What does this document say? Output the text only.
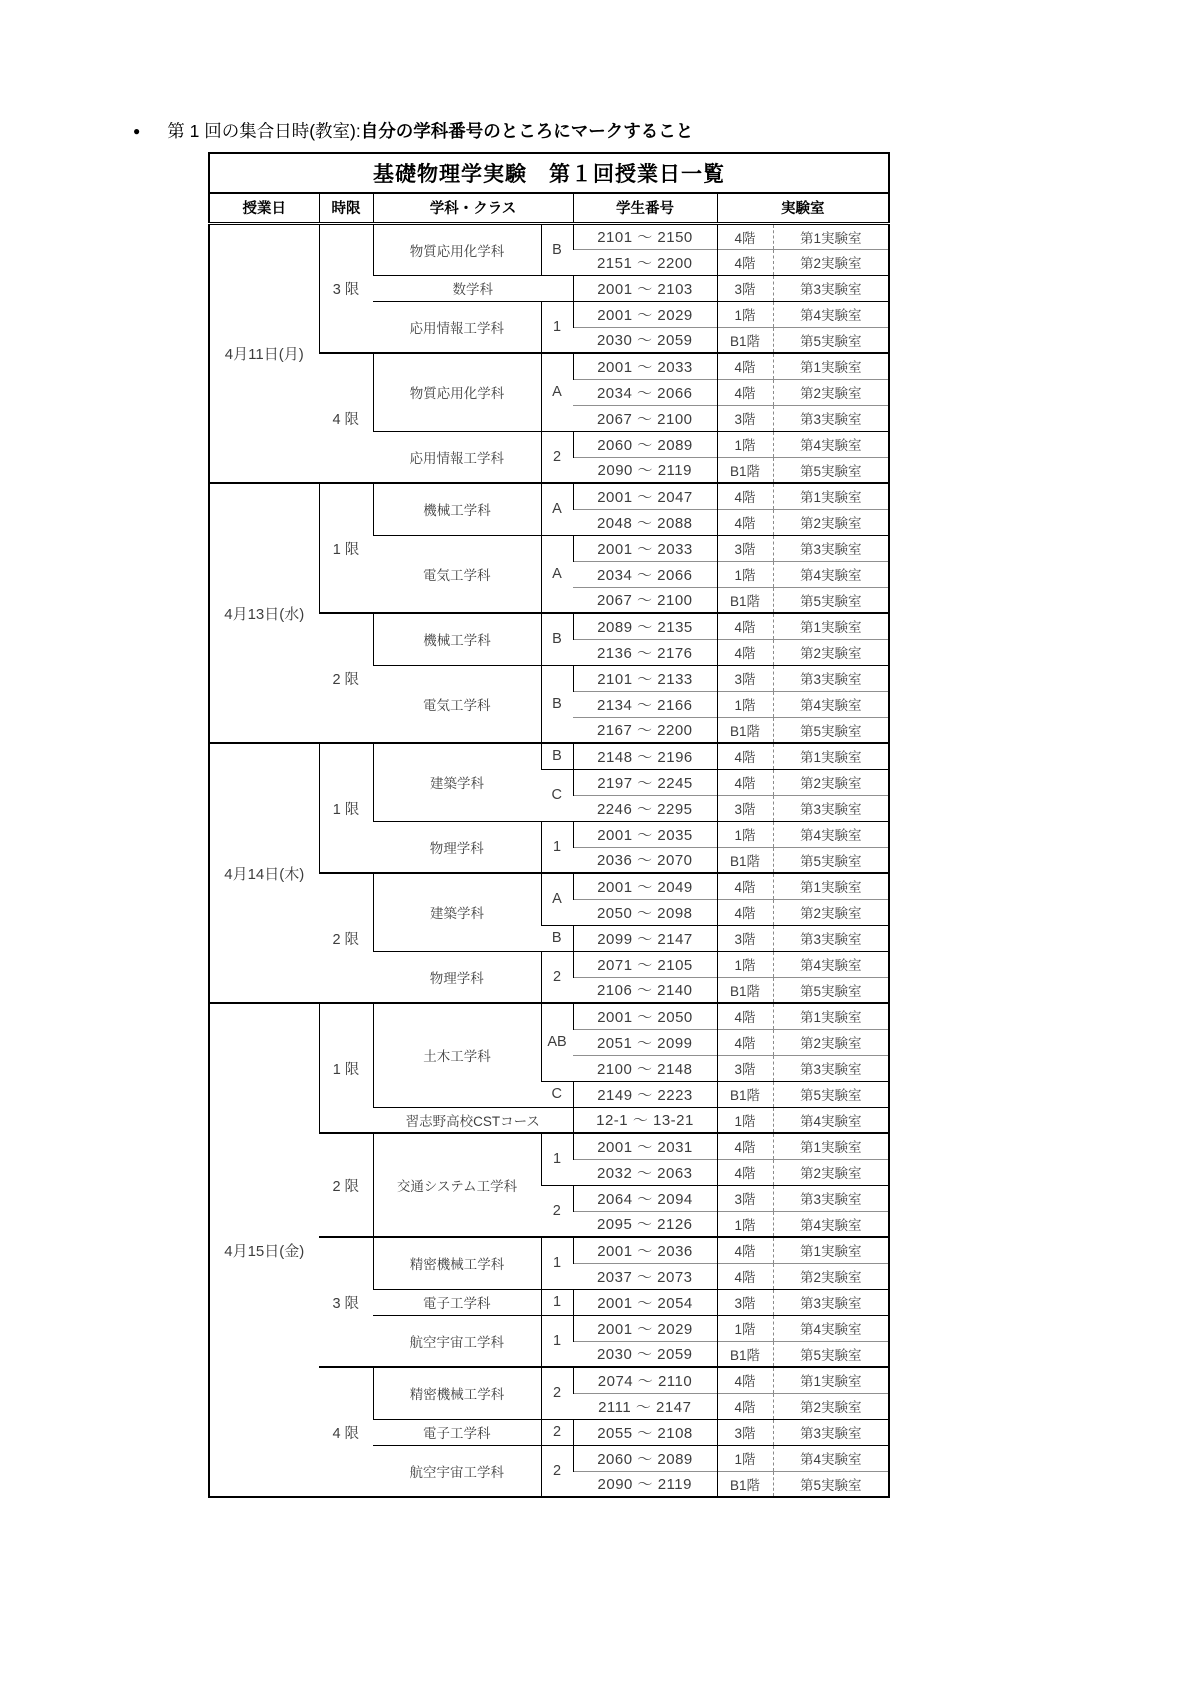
● 第 1 回の集合日時(教室): 自分の学科番号のところにマークすること
基礎物理学実験　第１回授業日一覧						
授業日	時限	学科・クラス		学生番号	実験室	
4月11日(月)	3 限	物質応用化学科	B	2101 〜 2150	4階	第1実験室
				2151 〜 2200	4階	第2実験室
		数学科		2001 〜 2103	3階	第3実験室
		応用情報工学科	1	2001 〜 2029	1階	第4実験室
				2030 〜 2059	B1階	第5実験室
	4 限	物質応用化学科	A	2001 〜 2033	4階	第1実験室
				2034 〜 2066	4階	第2実験室
				2067 〜 2100	3階	第3実験室
		応用情報工学科	2	2060 〜 2089	1階	第4実験室
				2090 〜 2119	B1階	第5実験室
4月13日(水)	1 限	機械工学科	A	2001 〜 2047	4階	第1実験室
				2048 〜 2088	4階	第2実験室
		電気工学科	A	2001 〜 2033	3階	第3実験室
				2034 〜 2066	1階	第4実験室
				2067 〜 2100	B1階	第5実験室
	2 限	機械工学科	B	2089 〜 2135	4階	第1実験室
				2136 〜 2176	4階	第2実験室
		電気工学科	B	2101 〜 2133	3階	第3実験室
				2134 〜 2166	1階	第4実験室
				2167 〜 2200	B1階	第5実験室
4月14日(木)	1 限	建築学科	B	2148 〜 2196	4階	第1実験室
			C	2197 〜 2245	4階	第2実験室
				2246 〜 2295	3階	第3実験室
		物理学科	1	2001 〜 2035	1階	第4実験室
				2036 〜 2070	B1階	第5実験室
	2 限	建築学科	A	2001 〜 2049	4階	第1実験室
				2050 〜 2098	4階	第2実験室
			B	2099 〜 2147	3階	第3実験室
		物理学科	2	2071 〜 2105	1階	第4実験室
				2106 〜 2140	B1階	第5実験室
4月15日(金)	1 限	土木工学科	AB	2001 〜 2050	4階	第1実験室
				2051 〜 2099	4階	第2実験室
				2100 〜 2148	3階	第3実験室
			C	2149 〜 2223	B1階	第5実験室
		習志野高校CSTコース		12-1 〜 13-21	1階	第4実験室
	2 限	交通システム工学科	1	2001 〜 2031	4階	第1実験室
				2032 〜 2063	4階	第2実験室
			2	2064 〜 2094	3階	第3実験室
				2095 〜 2126	1階	第4実験室
	3 限	精密機械工学科	1	2001 〜 2036	4階	第1実験室
				2037 〜 2073	4階	第2実験室
		電子工学科	1	2001 〜 2054	3階	第3実験室
		航空宇宙工学科	1	2001 〜 2029	1階	第4実験室
				2030 〜 2059	B1階	第5実験室
	4 限	精密機械工学科	2	2074 〜 2110	4階	第1実験室
				2111 〜 2147	4階	第2実験室
		電子工学科	2	2055 〜 2108	3階	第3実験室
		航空宇宙工学科	2	2060 〜 2089	1階	第4実験室
				2090 〜 2119	B1階	第5実験室
